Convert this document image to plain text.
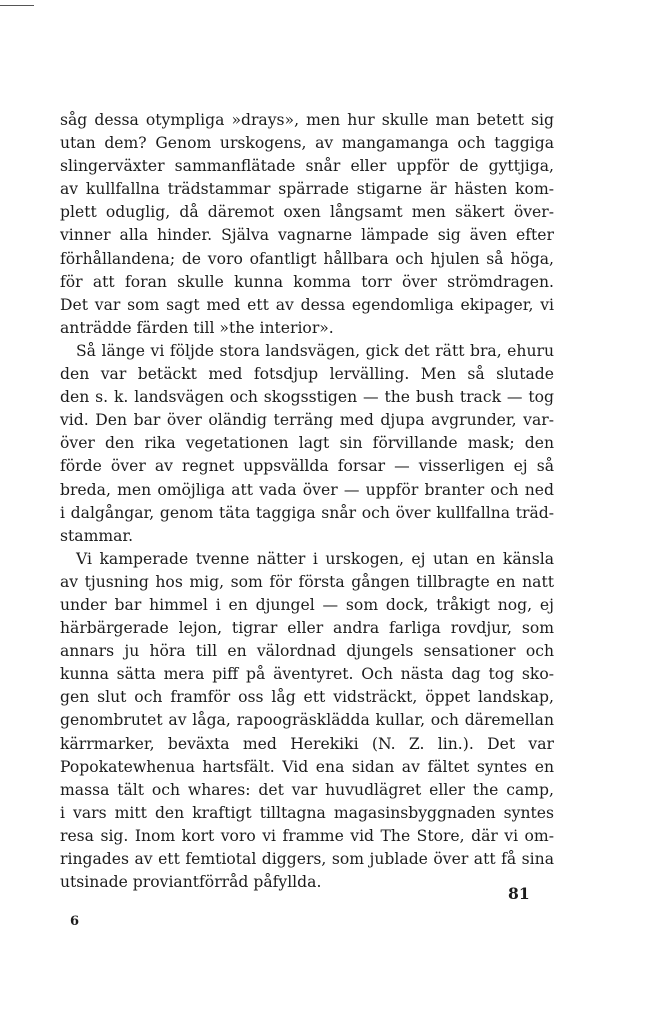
såg dessa otympliga »drays», men hur skulle man betett sig
utan dem? Genom urskogens, av mangamanga och taggiga
slingerväxter sammanflätade snår eller uppför de gyttjiga,
av kullfallna trädstammar spärrade stigarne är hästen kom-
plett oduglig, då däremot oxen långsamt men säkert över-
vinner alla hinder. Själva vagnarne lämpade sig även efter
förhållandena; de voro ofantligt hållbara och hjulen så höga,
för att foran skulle kunna komma torr över strömdragen.
Det var som sagt med ett av dessa egendomliga ekipager, vi
anträdde färden till »the interior».
Så länge vi följde stora landsvägen, gick det rätt bra, ehuru
den var betäckt med fotsdjup lervälling. Men så slutade
den s. k. landsvägen och skogsstigen — the bush track — tog
vid. Den bar över oländig terräng med djupa avgrunder, var-
över den rika vegetationen lagt sin förvillande mask; den
förde över av regnet uppsvällda forsar — visserligen ej så
breda, men omöjliga att vada över — uppför branter och ned
i dalgångar, genom täta taggiga snår och över kullfallna träd-
stammar.
Vi kamperade tvenne nätter i urskogen, ej utan en känsla
av tjusning hos mig, som för första gången tillbragte en natt
under bar himmel i en djungel — som dock, tråkigt nog, ej
härbärgerade lejon, tigrar eller andra farliga rovdjur, som
annars ju höra till en välordnad djungels sensationer och
kunna sätta mera piff på äventyret. Och nästa dag tog sko-
gen slut och framför oss låg ett vidsträckt, öppet landskap,
genombrutet av låga, rapoogräsklädda kullar, och däremellan
kärrmarker, beväxta med Herekiki (N. Z. lin.). Det var
Popokatewhenua hartsfält. Vid ena sidan av fältet syntes en
massa tält och whares: det var huvudlägret eller the camp,
i vars mitt den kraftigt tilltagna magasinsbyggnaden syntes
resa sig. Inom kort voro vi framme vid The Store, där vi om-
ringades av ett femtiotal diggers, som jublade över att få sina
utsinade proviantförråd påfyllda.
81
6
